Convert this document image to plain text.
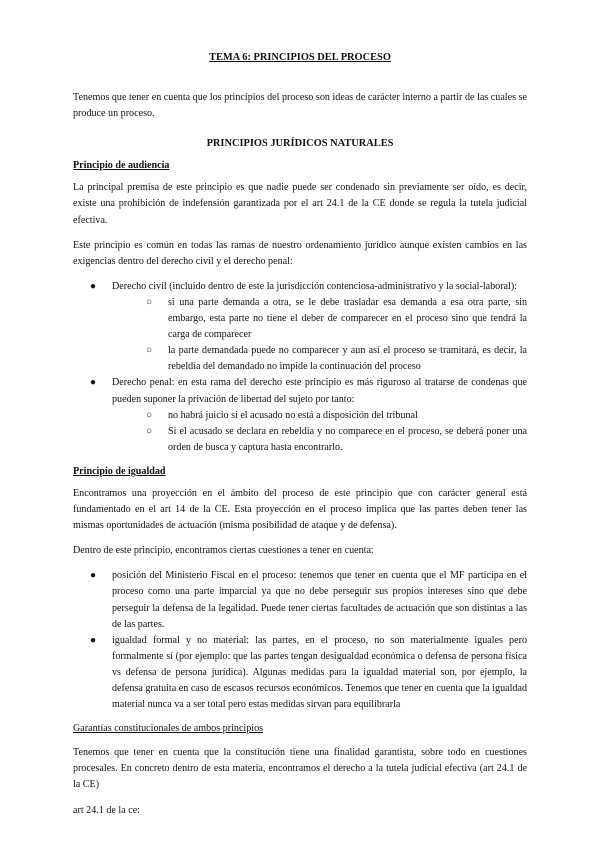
TEMA 6: PRINCIPIOS DEL PROCESO

Tenemos que tener en cuenta que los principios del proceso son ideas de carácter interno a partir de las cuales se produce un proceso.

PRINCIPIOS JURÍDICOS NATURALES
Principio de audiencia

La principal premisa de este principio es que nadie puede ser condenado sin previamente ser oído, es decir, existe una prohibición de indefensión garantizada por el art 24.1 de la CE donde se regula la tutela judicial efectiva.

Este principio es común en todas las ramas de nuestro ordenamiento jurídico aunque existen cambios en las exigencias dentro del derecho civil y el derecho penal:

● Derecho civil (incluido dentro de este la jurisdicción contenciosa-administrativo y la social-laboral):
○ si una parte demanda a otra, se le debe trasladar esa demanda a esa otra parte, sin embargo, esta parte no tiene el deber de comparecer en el proceso sino que tendrá la carga de comparecer
○ la parte demandada puede no comparecer y aun así el proceso se tramitará, es decir, la rebeldía del demandado no impide la continuación del proceso
● Derecho penal: en esta rama del derecho este principio es más riguroso al tratarse de condenas que pueden suponer la privación de libertad del sujeto por tanto:
○ no habrá juicio si el acusado no está a disposición del tribunal
○ Si el acusado se declara en rebeldía y no comparece en el proceso, se deberá poner una orden de busca y captura hasta encontrarlo.
Principio de igualdad

Encontramos una proyección en el ámbito del proceso de este principio que con carácter general está fundamentado en el art 14 de la CE. Esta proyección en el proceso implica que las partes deben tener las mismas oportunidades de actuación (misma posibilidad de ataque y de defensa).

Dentro de este principio, encontramos ciertas cuestiones a tener en cuenta:

● posición del Ministerio Fiscal en el proceso: tenemos que tener en cuenta que el MF participa en el proceso como una parte imparcial ya que no debe perseguir sus propios intereses sino que debe perseguir la defensa de la legalidad. Puede tener ciertas facultades de actuación que son distintas a las de las partes.
● igualdad formal y no material: las partes, en el proceso, no son materialmente iguales pero formalmente sí (por ejemplo: que las partes tengan desigualdad económica o defensa de persona física vs defensa de persona jurídica). Algunas medidas para la igualdad material son, por ejemplo, la defensa gratuita en caso de escasos recursos económicos. Tenemos que tener en cuenta que la igualdad material nunca va a ser total pero estas medidas sirvan para equilibrarla
Garantías constitucionales de ambos principios

Tenemos que tener en cuenta que la constitución tiene una finalidad garantista, sobre todo en cuestiones procesales. En concreto dentro de esta materia, encontramos el derecho a la tutela judicial efectiva (art 24.1 de la CE)

art 24.1 de la ce:
